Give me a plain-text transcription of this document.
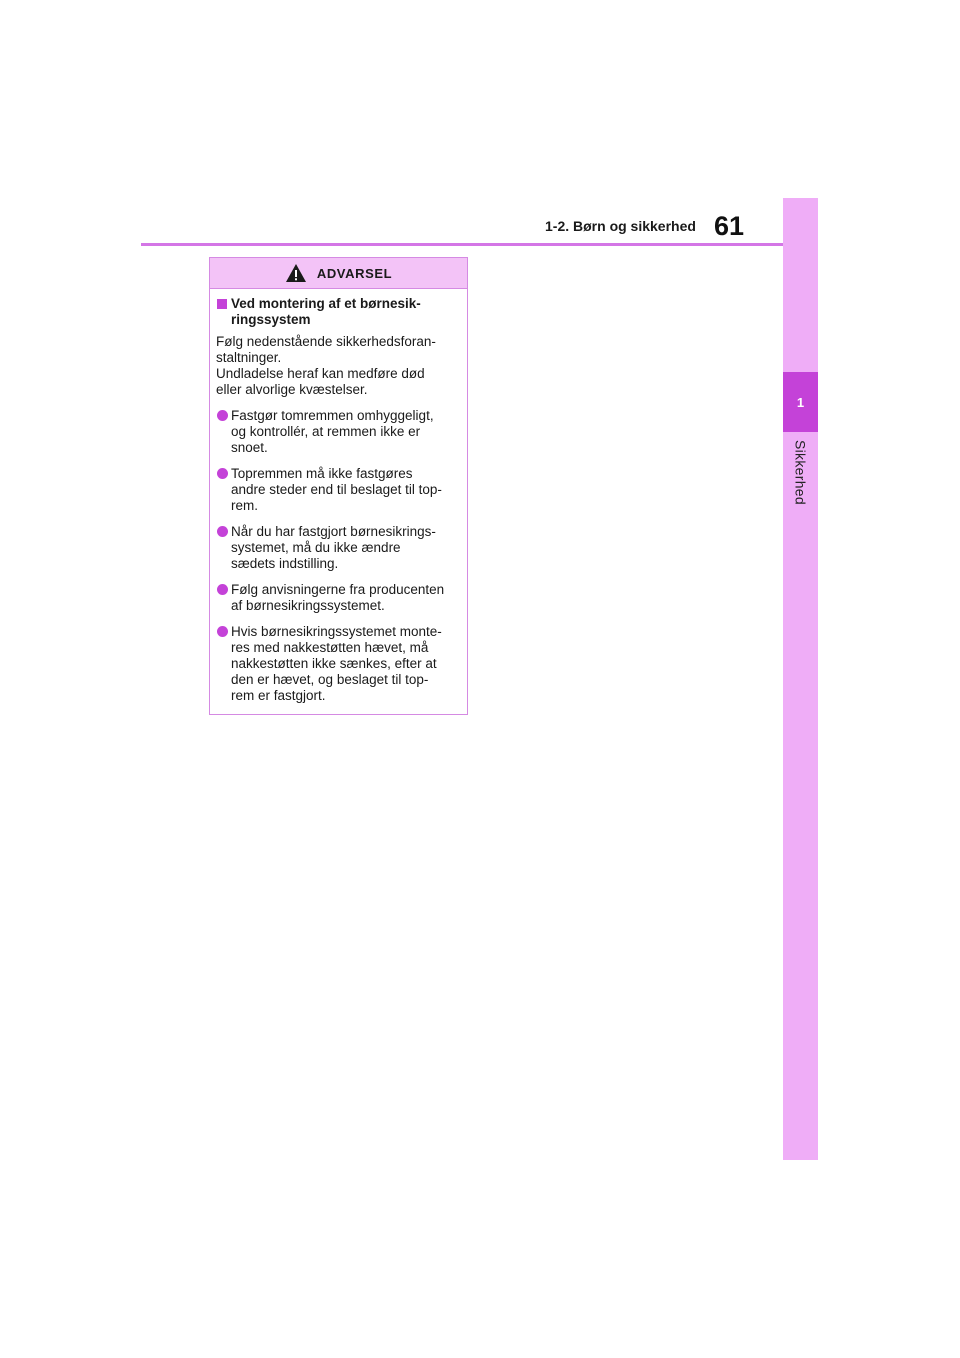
1
Sikkerhed
1-2. Børn og sikkerhed 61
ADVARSEL
Ved montering af et børnesik-
ringssystem
Følg nedenstående sikkerhedsforan-
staltninger.
Undladelse heraf kan medføre død
eller alvorlige kvæstelser.
Fastgør tomremmen omhyggeligt,
og kontrollér, at remmen ikke er
snoet.
Topremmen må ikke fastgøres
andre steder end til beslaget til top-
rem.
Når du har fastgjort børnesikrings-
systemet, må du ikke ændre
sædets indstilling.
Følg anvisningerne fra producenten
af børnesikringssystemet.
Hvis børnesikringssystemet monte-
res med nakkestøtten hævet, må
nakkestøtten ikke sænkes, efter at
den er hævet, og beslaget til top-
rem er fastgjort.
